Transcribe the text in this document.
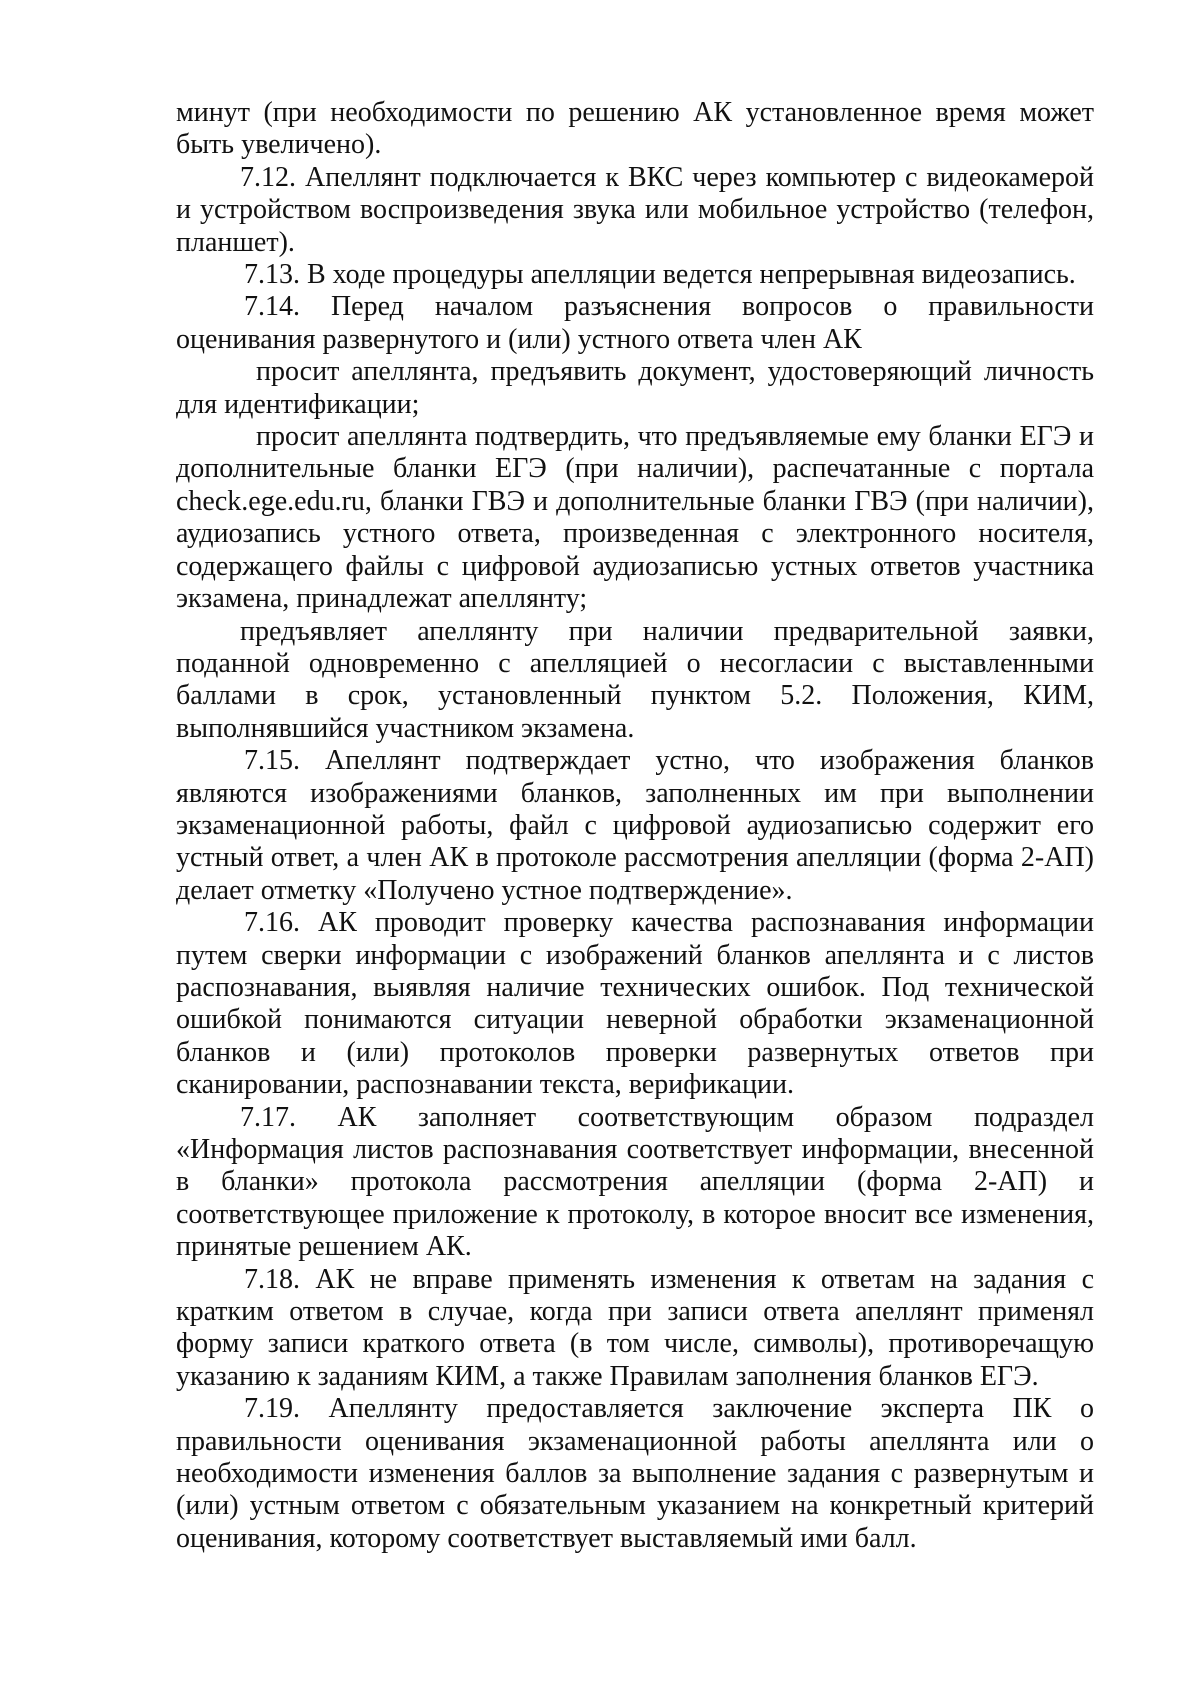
минут (при необходимости по решению АК установленное время может быть увеличено).

7.12. Апеллянт подключается к ВКС через компьютер с видеокамерой и устройством воспроизведения звука или мобильное устройство (телефон, планшет).

7.13. В ходе процедуры апелляции ведется непрерывная видеозапись.

7.14. Перед началом разъяснения вопросов о правильности оценивания развернутого и (или) устного ответа член АК

просит апеллянта, предъявить документ, удостоверяющий личность для идентификации;

просит апеллянта подтвердить, что предъявляемые ему бланки ЕГЭ и дополнительные бланки ЕГЭ (при наличии), распечатанные с портала check.ege.edu.ru, бланки ГВЭ и дополнительные бланки ГВЭ (при наличии), аудиозапись устного ответа, произведенная с электронного носителя, содержащего файлы с цифровой аудиозаписью устных ответов участника экзамена, принадлежат апеллянту;

предъявляет апеллянту при наличии предварительной заявки, поданной одновременно с апелляцией о несогласии с выставленными баллами в срок, установленный пунктом 5.2. Положения, КИМ, выполнявшийся участником экзамена.

7.15. Апеллянт подтверждает устно, что изображения бланков являются изображениями бланков, заполненных им при выполнении экзаменационной работы, файл с цифровой аудиозаписью содержит его устный ответ, а член АК в протоколе рассмотрения апелляции (форма 2-АП) делает отметку «Получено устное подтверждение».

7.16. АК проводит проверку качества распознавания информации путем сверки информации с изображений бланков апеллянта и с листов распознавания, выявляя наличие технических ошибок. Под технической ошибкой понимаются ситуации неверной обработки экзаменационной бланков и (или) протоколов проверки развернутых ответов при сканировании, распознавании текста, верификации.

7.17. АК заполняет соответствующим образом подраздел «Информация листов распознавания соответствует информации, внесенной в бланки» протокола рассмотрения апелляции (форма 2-АП) и соответствующее приложение к протоколу, в которое вносит все изменения, принятые решением АК.

7.18. АК не вправе применять изменения к ответам на задания с кратким ответом в случае, когда при записи ответа апеллянт применял форму записи краткого ответа (в том числе, символы), противоречащую указанию к заданиям КИМ, а также Правилам заполнения бланков ЕГЭ.

7.19. Апеллянту предоставляется заключение эксперта ПК о правильности оценивания экзаменационной работы апеллянта или о необходимости изменения баллов за выполнение задания с развернутым и (или) устным ответом с обязательным указанием на конкретный критерий оценивания, которому соответствует выставляемый ими балл.
